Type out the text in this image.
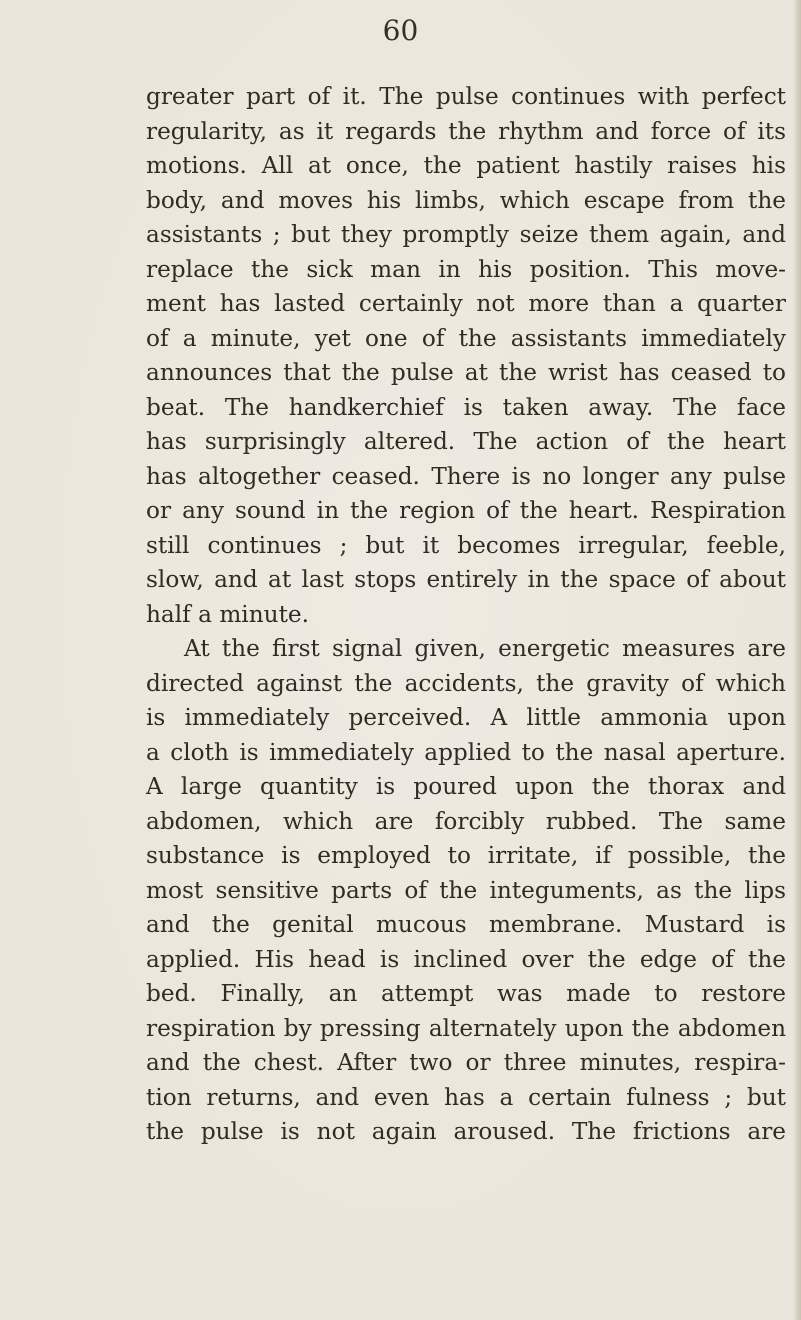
60
greater part of it. The pulse continues with perfect
regularity, as it regards the rhythm and force of its
motions. All at once, the patient hastily raises his
body, and moves his limbs, which escape from the
assistants ; but they promptly seize them again, and
replace the sick man in his position. This move-
ment has lasted certainly not more than a quarter
of a minute, yet one of the assistants immediately
announces that the pulse at the wrist has ceased to
beat. The handkerchief is taken away. The face
has surprisingly altered. The action of the heart
has altogether ceased. There is no longer any pulse
or any sound in the region of the heart. Respiration
still continues ; but it becomes irregular, feeble,
slow, and at last stops entirely in the space of about
half a minute.
At the first signal given, energetic measures are
directed against the accidents, the gravity of which
is immediately perceived. A little ammonia upon
a cloth is immediately applied to the nasal aperture.
A large quantity is poured upon the thorax and
abdomen, which are forcibly rubbed. The same
substance is employed to irritate, if possible, the
most sensitive parts of the integuments, as the lips
and the genital mucous membrane. Mustard is
applied. His head is inclined over the edge of the
bed. Finally, an attempt was made to restore
respiration by pressing alternately upon the abdomen
and the chest. After two or three minutes, respira-
tion returns, and even has a certain fulness ; but
the pulse is not again aroused. The frictions are
